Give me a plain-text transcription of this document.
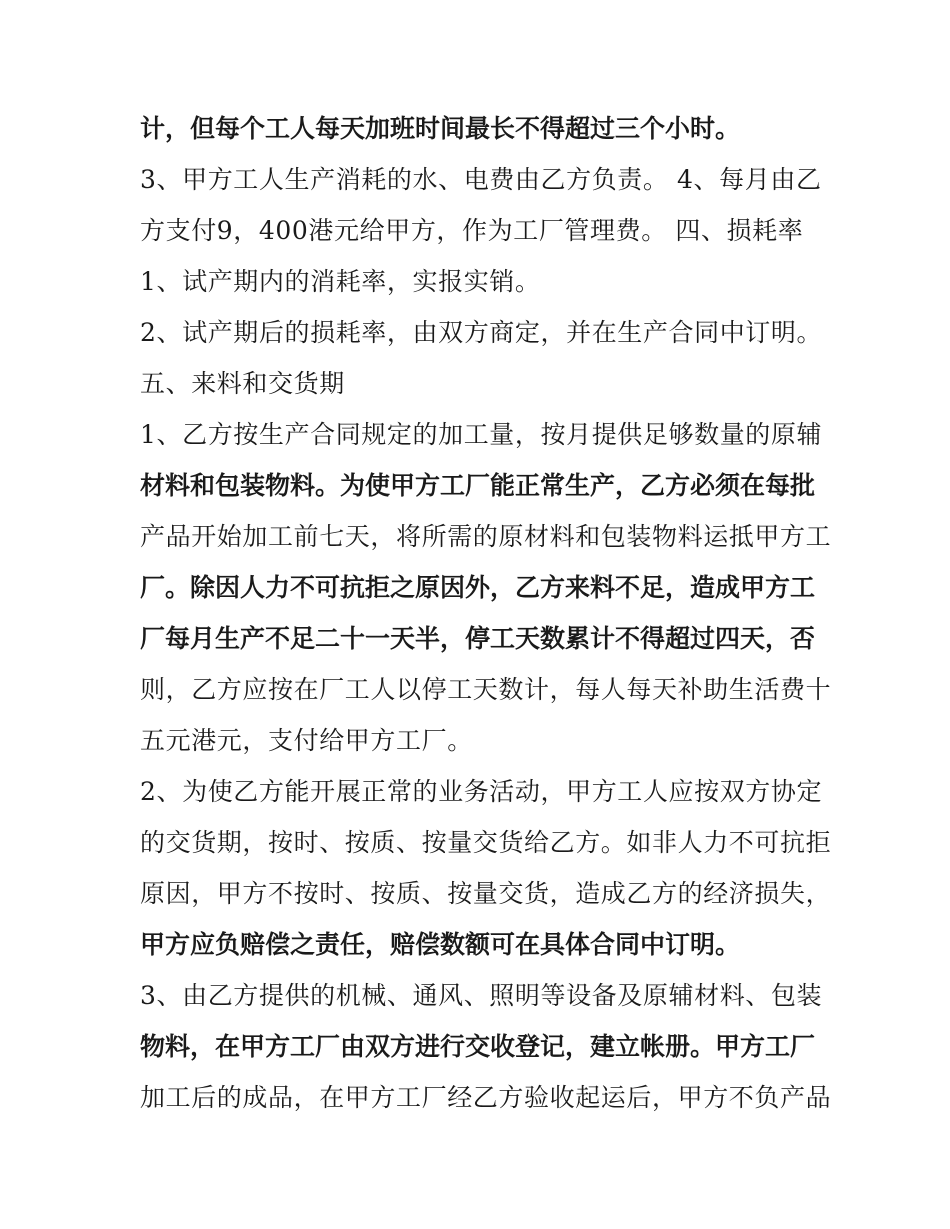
计，但每个工人每天加班时间最长不得超过三个小时。
3、甲方工人生产消耗的水、电费由乙方负责。 4、每月由乙
方支付9，400港元给甲方，作为工厂管理费。 四、损耗率
1、试产期内的消耗率，实报实销。
2、试产期后的损耗率，由双方商定，并在生产合同中订明。
五、来料和交货期
1、乙方按生产合同规定的加工量，按月提供足够数量的原辅
材料和包装物料。为使甲方工厂能正常生产，乙方必须在每批
产品开始加工前七天，将所需的原材料和包装物料运抵甲方工
厂。除因人力不可抗拒之原因外，乙方来料不足，造成甲方工
厂每月生产不足二十一天半，停工天数累计不得超过四天，否
则，乙方应按在厂工人以停工天数计，每人每天补助生活费十
五元港元，支付给甲方工厂。
2、为使乙方能开展正常的业务活动，甲方工人应按双方协定
的交货期，按时、按质、按量交货给乙方。如非人力不可抗拒
原因，甲方不按时、按质、按量交货，造成乙方的经济损失，
甲方应负赔偿之责任，赔偿数额可在具体合同中订明。
3、由乙方提供的机械、通风、照明等设备及原辅材料、包装
物料，在甲方工厂由双方进行交收登记，建立帐册。甲方工厂
加工后的成品，在甲方工厂经乙方验收起运后，甲方不负产品
